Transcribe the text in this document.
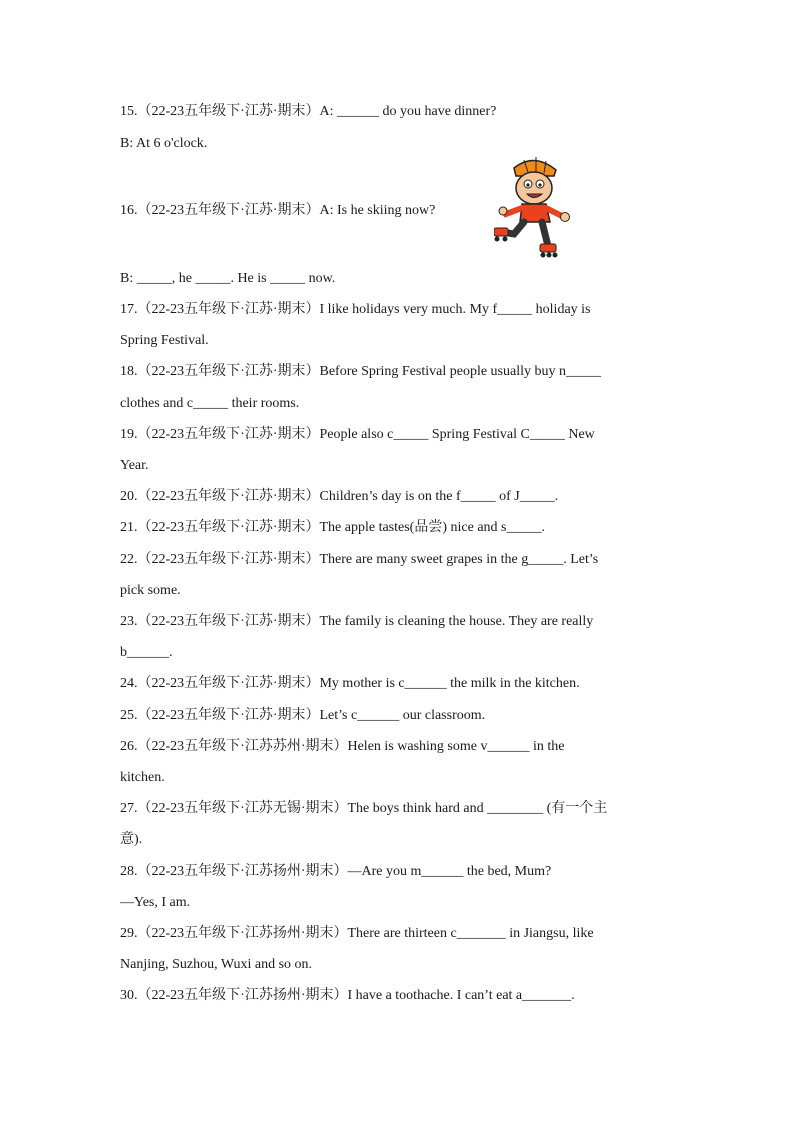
15.（22-23五年级下·江苏·期末）A: ______ do you have dinner?
B: At 6 o'clock.
16.（22-23五年级下·江苏·期末）A: Is he skiing now?
B: _____, he _____. He is _____ now.
17.（22-23五年级下·江苏·期末）I like holidays very much. My f_____ holiday is
Spring Festival.
18.（22-23五年级下·江苏·期末）Before Spring Festival people usually buy n_____
clothes and c_____ their rooms.
19.（22-23五年级下·江苏·期末）People also c_____ Spring Festival C_____ New
Year.
20.（22-23五年级下·江苏·期末）Children’s day is on the f_____ of J_____.
21.（22-23五年级下·江苏·期末）The apple tastes(品尝) nice and s_____.
22.（22-23五年级下·江苏·期末）There are many sweet grapes in the g_____. Let’s
pick some.
23.（22-23五年级下·江苏·期末）The family is cleaning the house. They are really
b______.
24.（22-23五年级下·江苏·期末）My mother is c______ the milk in the kitchen.
25.（22-23五年级下·江苏·期末）Let’s c______ our classroom.
26.（22-23五年级下·江苏苏州·期末）Helen is washing some v______ in the
kitchen.
27.（22-23五年级下·江苏无锡·期末）The boys think hard and ________ (有一个主
意).
28.（22-23五年级下·江苏扬州·期末）—Are you m______ the bed, Mum?
—Yes, I am.
29.（22-23五年级下·江苏扬州·期末）There are thirteen c_______ in Jiangsu, like
Nanjing, Suzhou, Wuxi and so on.
30.（22-23五年级下·江苏扬州·期末）I have a toothache. I can’t eat a_______.
